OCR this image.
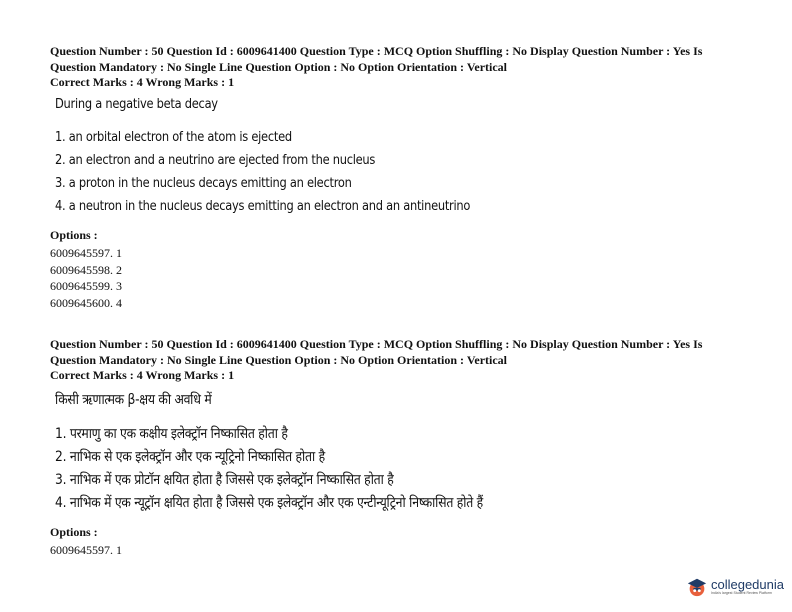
Question Number : 50 Question Id : 6009641400 Question Type : MCQ Option Shuffling : No Display Question Number : Yes Is

Question Mandatory : No Single Line Question Option : No Option Orientation : Vertical

Correct Marks : 4 Wrong Marks : 1

During a negative beta decay
1. an orbital electron of the atom is ejected
2. an electron and a neutrino are ejected from the nucleus
3. a proton in the nucleus decays emitting an electron
4. a neutron in the nucleus decays emitting an electron and an antineutrino

Options :

6009645597. 1
6009645598. 2
6009645599. 3
6009645600. 4

Question Number : 50 Question Id : 6009641400 Question Type : MCQ Option Shuffling : No Display Question Number : Yes Is

Question Mandatory : No Single Line Question Option : No Option Orientation : Vertical

Correct Marks : 4 Wrong Marks : 1

किसी ऋणात्मक β-क्षय की अवधि में
1. परमाणु का एक कक्षीय इलेक्ट्रॉन निष्कासित होता है
2. नाभिक से एक इलेक्ट्रॉन और एक न्यूट्रिनो निष्कासित होता है
3. नाभिक में एक प्रोटॉन क्षयित होता है जिससे एक इलेक्ट्रॉन निष्कासित होता है
4. नाभिक में एक न्यूट्रॉन क्षयित होता है जिससे एक इलेक्ट्रॉन और एक एन्टीन्यूट्रिनो निष्कासित होते हैं

Options :

6009645597. 1
collegedunia
India's largest Student Review Platform
